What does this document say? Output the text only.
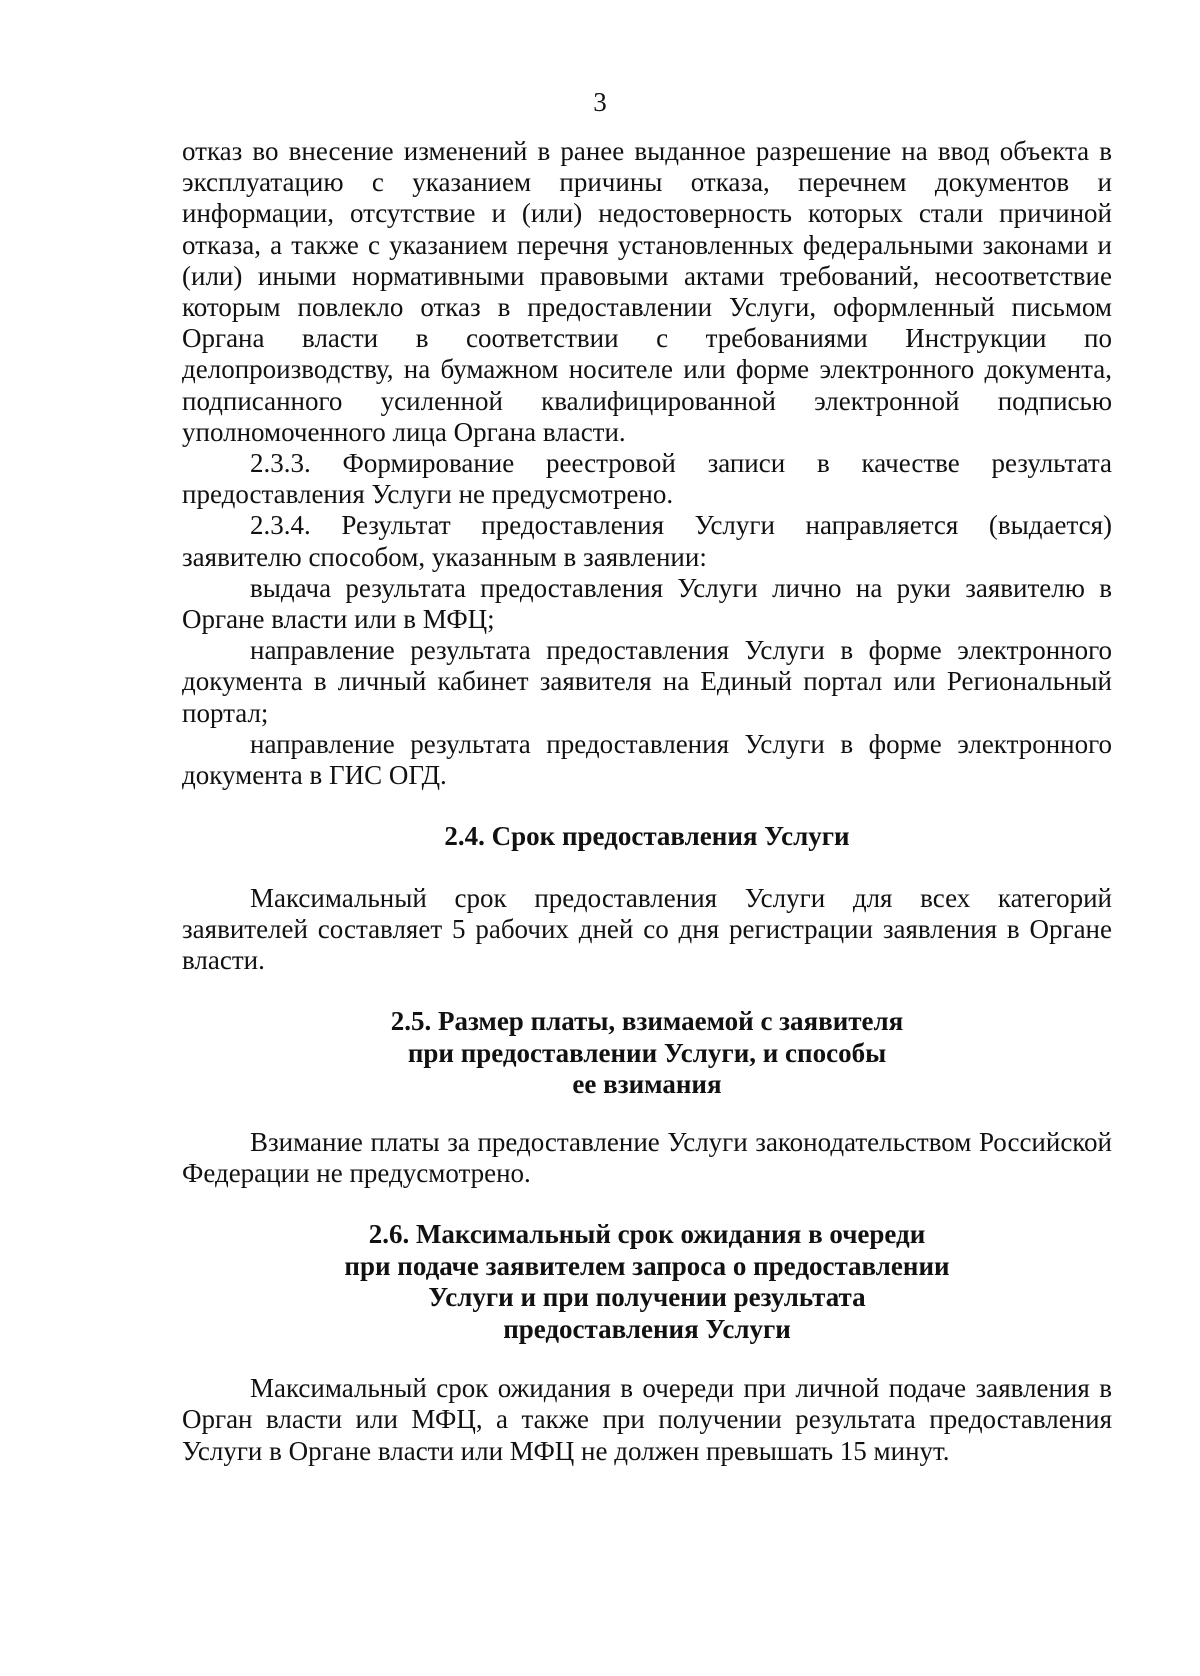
3

отказ во внесение изменений в ранее выданное разрешение на ввод объекта в эксплуатацию с указанием причины отказа, перечнем документов и информации, отсутствие и (или) недостоверность которых стали причиной отказа, а также с указанием перечня установленных федеральными законами и (или) иными нормативными правовыми актами требований, несоответствие которым повлекло отказ в предоставлении Услуги, оформленный письмом Органа власти в соответствии с требованиями Инструкции по делопроизводству, на бумажном носителе или форме электронного документа, подписанного усиленной квалифицированной электронной подписью уполномоченного лица Органа власти.

2.3.3. Формирование реестровой записи в качестве результата предоставления Услуги не предусмотрено.

2.3.4. Результат предоставления Услуги направляется (выдается) заявителю способом, указанным в заявлении:

выдача результата предоставления Услуги лично на руки заявителю в Органе власти или в МФЦ;

направление результата предоставления Услуги в форме электронного документа в личный кабинет заявителя на Единый портал или Региональный портал;

направление результата предоставления Услуги в форме электронного документа в ГИС ОГД.

2.4. Срок предоставления Услуги

Максимальный срок предоставления Услуги для всех категорий заявителей составляет 5 рабочих дней со дня регистрации заявления в Органе власти.

2.5. Размер платы, взимаемой с заявителя
при предоставлении Услуги, и способы
ее взимания

Взимание платы за предоставление Услуги законодательством Российской Федерации не предусмотрено.

2.6. Максимальный срок ожидания в очереди
при подаче заявителем запроса о предоставлении
Услуги и при получении результата
предоставления Услуги

Максимальный срок ожидания в очереди при личной подаче заявления в Орган власти или МФЦ, а также при получении результата предоставления Услуги в Органе власти или МФЦ не должен превышать 15 минут.
